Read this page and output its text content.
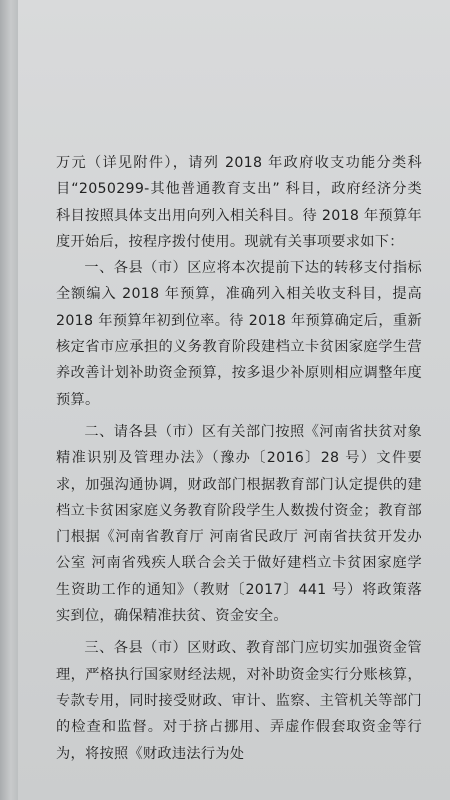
万元（详见附件），请列 2018 年政府收支功能分类科目“2050299-其他普通教育支出” 科目，政府经济分类科目按照具体支出用向列入相关科目。待 2018 年预算年度开始后，按程序拨付使用。现就有关事项要求如下：

一、各县（市）区应将本次提前下达的转移支付指标全额编入 2018 年预算，准确列入相关收支科目，提高 2018 年预算年初到位率。待 2018 年预算确定后，重新核定省市应承担的义务教育阶段建档立卡贫困家庭学生营养改善计划补助资金预算，按多退少补原则相应调整年度预算。

二、请各县（市）区有关部门按照《河南省扶贫对象精准识别及管理办法》（豫办〔2016〕28 号）文件要求，加强沟通协调，财政部门根据教育部门认定提供的建档立卡贫困家庭义务教育阶段学生人数拨付资金；教育部门根据《河南省教育厅 河南省民政厅 河南省扶贫开发办公室 河南省残疾人联合会关于做好建档立卡贫困家庭学生资助工作的通知》（教财〔2017〕441 号）将政策落实到位，确保精准扶贫、资金安全。

三、各县（市）区财政、教育部门应切实加强资金管理，严格执行国家财经法规，对补助资金实行分账核算，专款专用，同时接受财政、审计、监察、主管机关等部门的检查和监督。对于挤占挪用、弄虚作假套取资金等行为，将按照《财政违法行为处
